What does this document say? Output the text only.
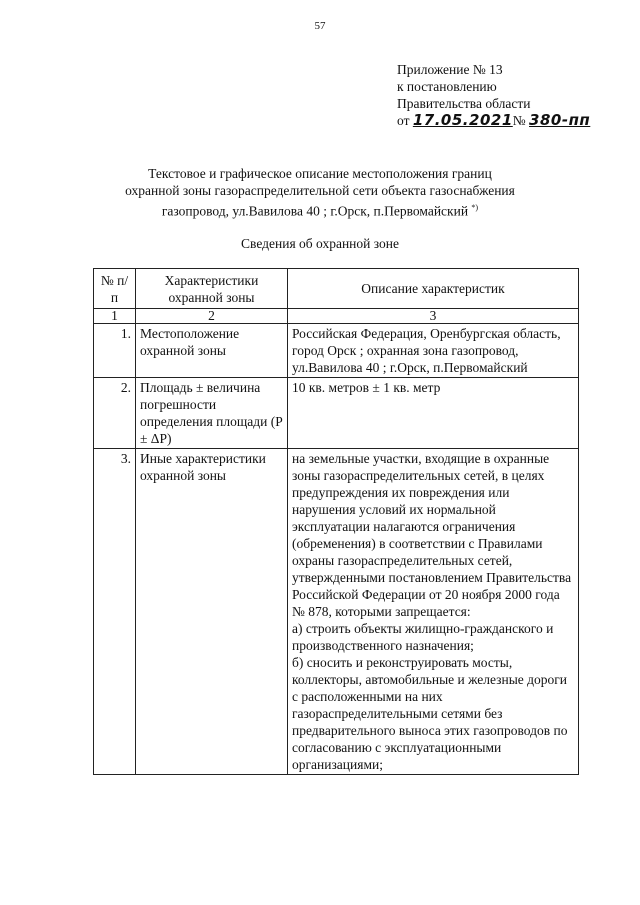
57
Приложение № 13
к постановлению
Правительства области
от 17.05.2021№ 380-пп
Текстовое и графическое описание местоположения границ
охранной зоны газораспределительной сети объекта газоснабжения
газопровод, ул.Вавилова 40 ; г.Орск, п.Первомайский *)
Сведения об охранной зоне
№ п/п	Характеристики охранной зоны	Описание характеристик
1	2	3
1.	Местоположение охранной зоны	Российская Федерация, Оренбургская область, город Орск ; охранная зона газопровод, ул.Вавилова 40 ; г.Орск, п.Первомайский
2.	Площадь ± величина погрешности определения площади (Р ± ΔР)	10 кв. метров ± 1 кв. метр
3.	Иные характеристики охранной зоны	на земельные участки, входящие в охранные зоны газораспределительных сетей, в целях предупреждения их повреждения или нарушения условий их нормальной эксплуатации налагаются ограничения (обременения) в соответствии с Правилами охраны газораспределительных сетей, утвержденными постановлением Правительства Российской Федерации от 20 ноября 2000 года № 878, которыми запрещается:
а) строить объекты жилищно-гражданского и производственного назначения;
б) сносить и реконструировать мосты, коллекторы, автомобильные и железные дороги с расположенными на них газораспределительными сетями без предварительного выноса этих газопроводов по согласованию с эксплуатационными организациями;
